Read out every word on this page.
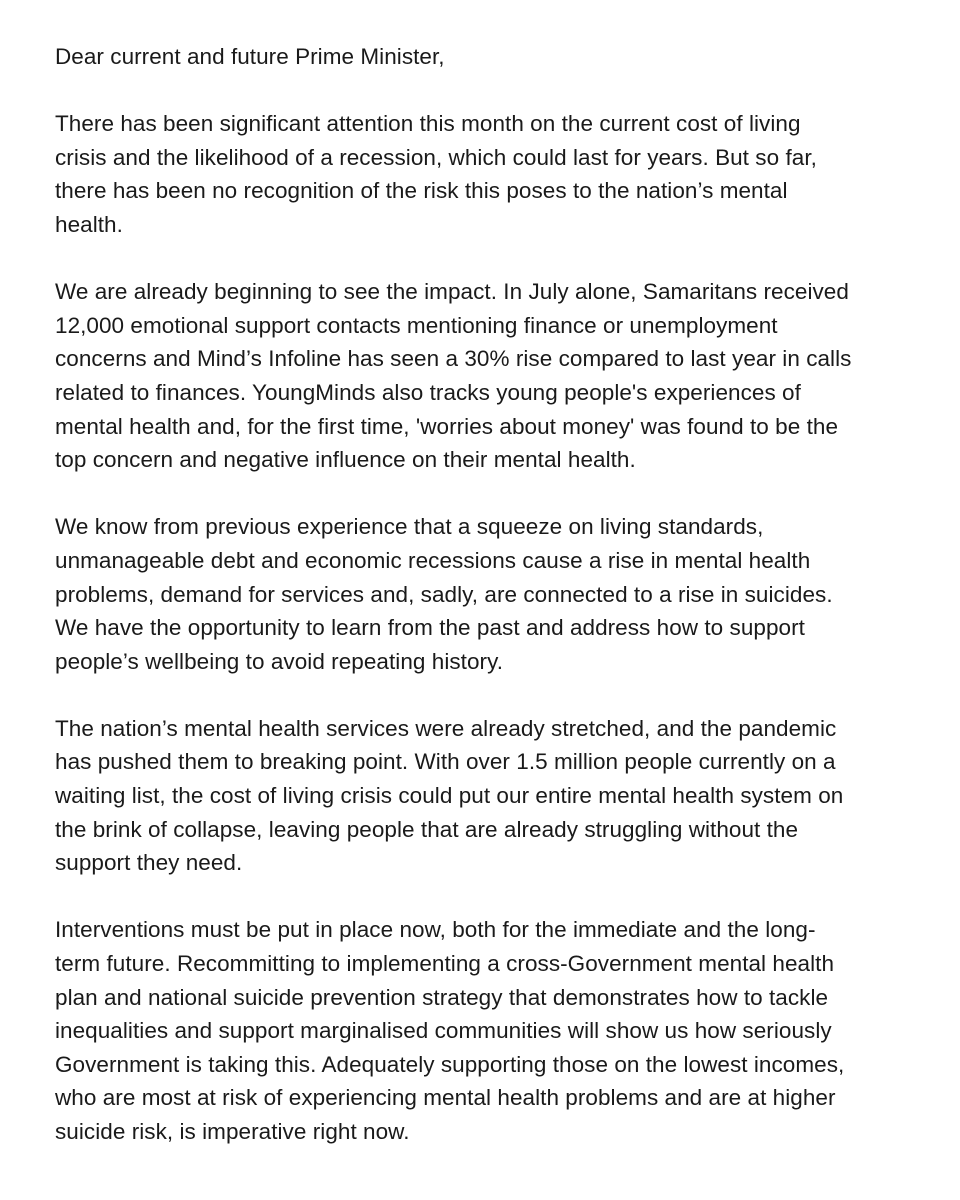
Dear current and future Prime Minister,

There has been significant attention this month on the current cost of living
crisis and the likelihood of a recession, which could last for years. But so far,
there has been no recognition of the risk this poses to the nation’s mental
health.

We are already beginning to see the impact. In July alone, Samaritans received
12,000 emotional support contacts mentioning finance or unemployment
concerns and Mind’s Infoline has seen a 30% rise compared to last year in calls
related to finances. YoungMinds also tracks young people's experiences of
mental health and, for the first time, 'worries about money' was found to be the
top concern and negative influence on their mental health.

We know from previous experience that a squeeze on living standards,
unmanageable debt and economic recessions cause a rise in mental health
problems, demand for services and, sadly, are connected to a rise in suicides.
We have the opportunity to learn from the past and address how to support
people’s wellbeing to avoid repeating history.

The nation’s mental health services were already stretched, and the pandemic
has pushed them to breaking point. With over 1.5 million people currently on a
waiting list, the cost of living crisis could put our entire mental health system on
the brink of collapse, leaving people that are already struggling without the
support they need.

Interventions must be put in place now, both for the immediate and the long-
term future. Recommitting to implementing a cross-Government mental health
plan and national suicide prevention strategy that demonstrates how to tackle
inequalities and support marginalised communities will show us how seriously
Government is taking this. Adequately supporting those on the lowest incomes,
who are most at risk of experiencing mental health problems and are at higher
suicide risk, is imperative right now.
